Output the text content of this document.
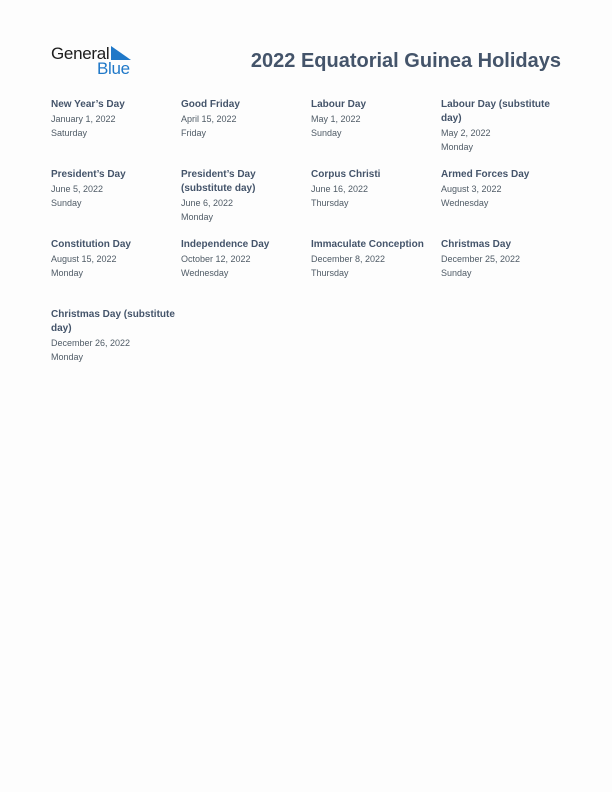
General
Blue	2022 Equatorial Guinea Holidays
New Year’s Day
January 1, 2022
Saturday
Good Friday
April 15, 2022
Friday
Labour Day
May 1, 2022
Sunday
Labour Day (substitute day)
May 2, 2022
Monday
President’s Day
June 5, 2022
Sunday
President’s Day (substitute day)
June 6, 2022
Monday
Corpus Christi
June 16, 2022
Thursday
Armed Forces Day
August 3, 2022
Wednesday
Constitution Day
August 15, 2022
Monday
Independence Day
October 12, 2022
Wednesday
Immaculate Conception
December 8, 2022
Thursday
Christmas Day
December 25, 2022
Sunday
Christmas Day (substitute day)
December 26, 2022
Monday
